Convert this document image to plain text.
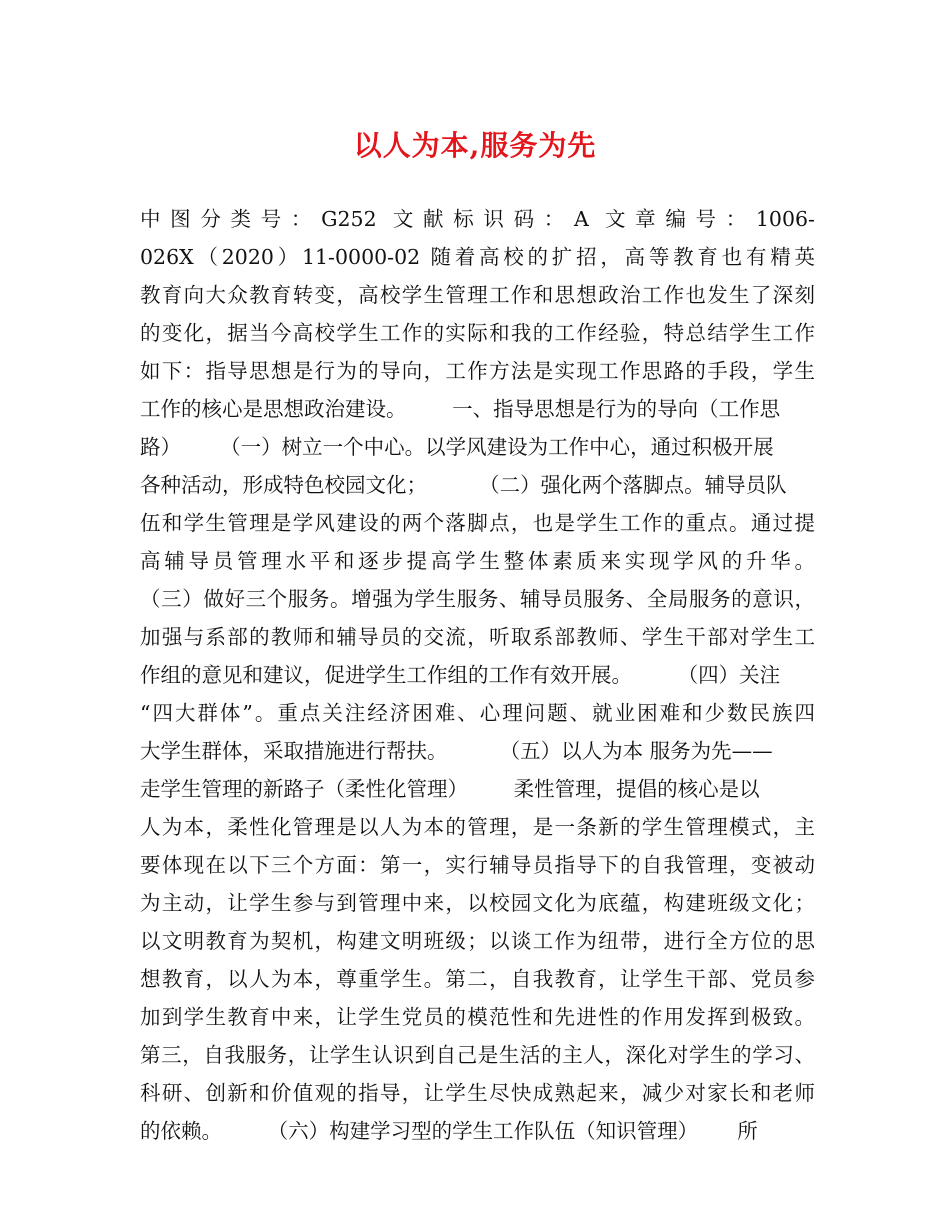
以人为本,服务为先
中图分类号：G252 文献标识码：A 文章编号：1006-
026X（2020）11-0000-02 随着高校的扩招，高等教育也有精英
教育向大众教育转变，高校学生管理工作和思想政治工作也发生了深刻
的变化，据当今高校学生工作的实际和我的工作经验，特总结学生工作
如下：指导思想是行为的导向，工作方法是实现工作思路的手段，学生
工作的核心是思想政治建设。       一、指导思想是行为的导向（工作思
路）      （一）树立一个中心。以学风建设为工作中心，通过积极开展
各种活动，形成特色校园文化；        （二）强化两个落脚点。辅导员队
伍和学生管理是学风建设的两个落脚点，也是学生工作的重点。通过提
高辅导员管理水平和逐步提高学生整体素质来实现学风的升华。
（三）做好三个服务。增强为学生服务、辅导员服务、全局服务的意识，
加强与系部的教师和辅导员的交流，听取系部教师、学生干部对学生工
作组的意见和建议，促进学生工作组的工作有效开展。       （四）关注
“四大群体”。重点关注经济困难、心理问题、就业困难和少数民族四
大学生群体，采取措施进行帮扶。        （五）以人为本 服务为先——
走学生管理的新路子（柔性化管理）       柔性管理，提倡的核心是以
人为本，柔性化管理是以人为本的管理，是一条新的学生管理模式，主
要体现在以下三个方面：第一，实行辅导员指导下的自我管理，变被动
为主动，让学生参与到管理中来，以校园文化为底蕴，构建班级文化；
以文明教育为契机，构建文明班级；以谈工作为纽带，进行全方位的思
想教育，以人为本，尊重学生。第二，自我教育，让学生干部、党员参
加到学生教育中来，让学生党员的模范性和先进性的作用发挥到极致。
第三，自我服务，让学生认识到自己是生活的主人，深化对学生的学习、
科研、创新和价值观的指导，让学生尽快成熟起来，减少对家长和老师
的依赖。       （六）构建学习型的学生工作队伍（知识管理）      所
